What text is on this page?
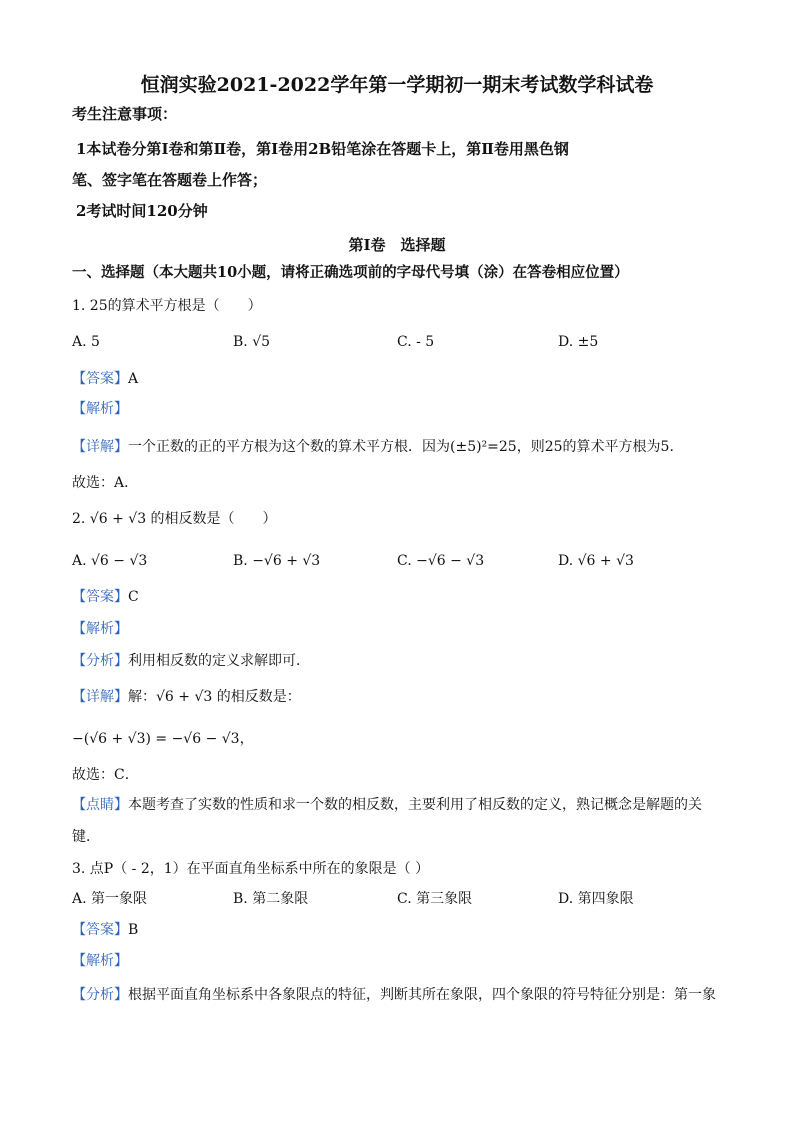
恒润实验2021-2022学年第一学期初一期末考试数学科试卷
考生注意事项：
1本试卷分第Ⅰ卷和第Ⅱ卷，第Ⅰ卷用2B铅笔涂在答题卡上，第Ⅱ卷用黑色钢
笔、签字笔在答题卷上作答；
2考试时间120分钟
第Ⅰ卷　选择题
一、选择题（本大题共10小题，请将正确选项前的字母代号填（涂）在答卷相应位置）
1. 25的算术平方根是（　　）
A. 5	B. √5	C. - 5	D. ±5
【答案】A
【解析】
【详解】一个正数的正的平方根为这个数的算术平方根．因为(±5)²=25，则25的算术平方根为5．
故选：A．
2. √6 + √3 的相反数是（　　）
A. √6 − √3	B. −√6 + √3	C. −√6 − √3	D. √6 + √3
【答案】C
【解析】
【分析】利用相反数的定义求解即可．
【详解】解：√6 + √3 的相反数是：
−(√6 + √3) = −√6 − √3，
故选：C．
【点睛】本题考查了实数的性质和求一个数的相反数，主要利用了相反数的定义，熟记概念是解题的关
键．
3. 点P（ - 2，1）在平面直角坐标系中所在的象限是（ ）
A. 第一象限	B. 第二象限	C. 第三象限	D. 第四象限
【答案】B
【解析】
【分析】根据平面直角坐标系中各象限点的特征，判断其所在象限，四个象限的符号特征分别是：第一象
